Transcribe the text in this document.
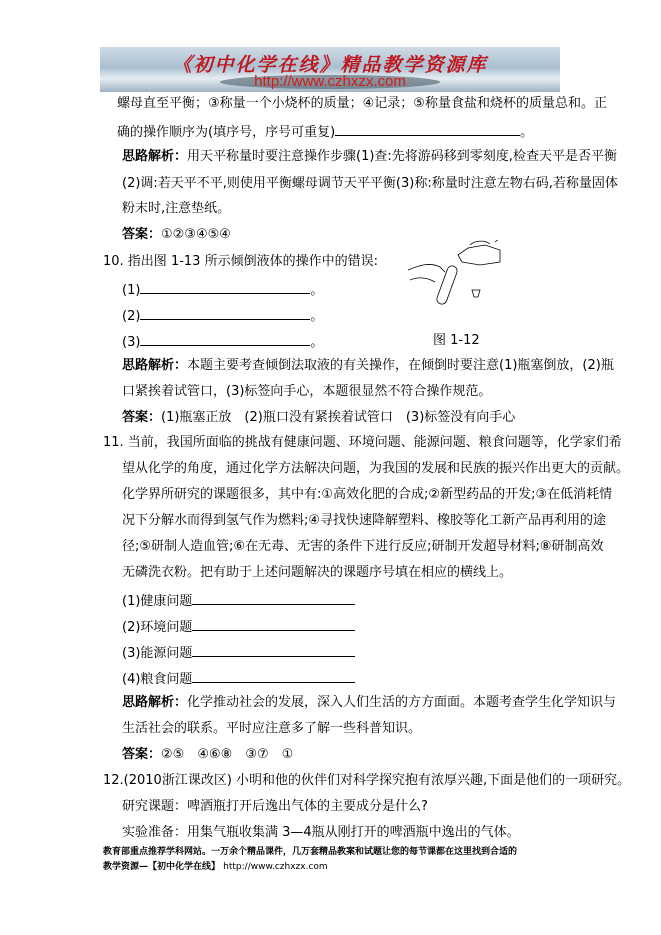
《初中化学在线》精品教学资源库
http://www.czhxzx.com
螺母直至平衡；③称量一个小烧杯的质量；④记录；⑤称量食盐和烧杯的质量总和。正
确的操作顺序为(填序号，序号可重复)	。
思路解析：用天平称量时要注意操作步骤(1)查:先将游码移到零刻度,检查天平是否平衡
(2)调:若天平不平,则使用平衡螺母调节天平平衡(3)称:称量时注意左物右码,若称量固体
粉末时,注意垫纸。
答案：①②③④⑤④
10. 指出图 1-13 所示倾倒液体的操作中的错误:
(1)	。
(2)	。
(3)	。	图 1-12
思路解析：本题主要考查倾倒法取液的有关操作，在倾倒时要注意(1)瓶塞倒放，(2)瓶
口紧挨着试管口，(3)标签向手心，本题很显然不符合操作规范。
答案：(1)瓶塞正放　(2)瓶口没有紧挨着试管口　(3)标签没有向手心
11. 当前，我国所面临的挑战有健康问题、环境问题、能源问题、粮食问题等，化学家们希
望从化学的角度，通过化学方法解决问题，为我国的发展和民族的振兴作出更大的贡献。
化学界所研究的课题很多，其中有:①高效化肥的合成;②新型药品的开发;③在低消耗情
况下分解水而得到氢气作为燃料;④寻找快速降解塑料、橡胶等化工新产品再利用的途
径;⑤研制人造血管;⑥在无毒、无害的条件下进行反应;研制开发超导材料;⑧研制高效
无磷洗衣粉。把有助于上述问题解决的课题序号填在相应的横线上。
(1)健康问题
(2)环境问题
(3)能源问题
(4)粮食问题
思路解析：化学推动社会的发展，深入人们生活的方方面面。本题考查学生化学知识与
生活社会的联系。平时应注意多了解一些科普知识。
答案：②⑤　④⑥⑧　③⑦　①
12.(2010浙江课改区) 小明和他的伙伴们对科学探究抱有浓厚兴趣,下面是他们的一项研究。
研究课题：啤酒瓶打开后逸出气体的主要成分是什么?
实验准备：用集气瓶收集满 3—4瓶从刚打开的啤酒瓶中逸出的气体。
教育部重点推荐学科网站。一万余个精品课件，几万套精品教案和试题让您的每节课都在这里找到合适的
教学资源—【初中化学在线】 http://www.czhxzx.com
